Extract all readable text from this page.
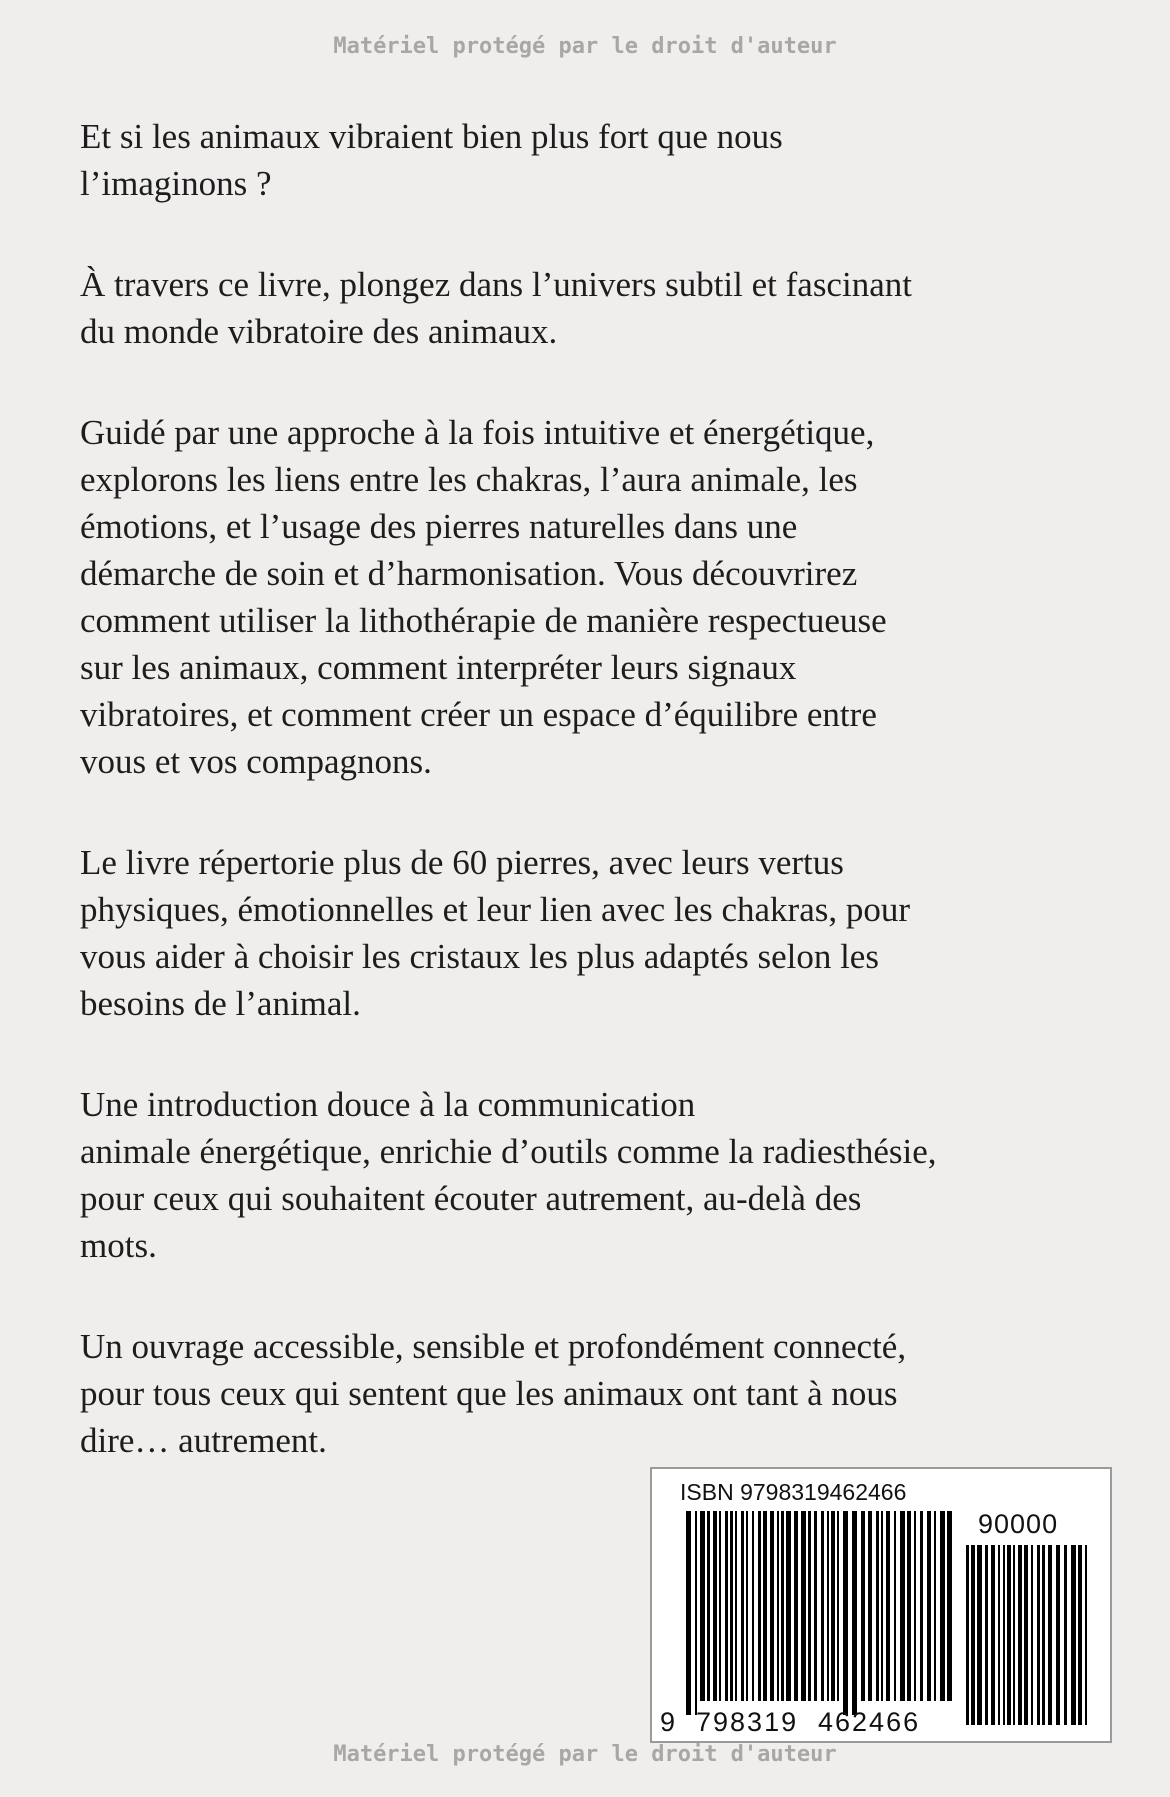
Matériel protégé par le droit d'auteur

Et si les animaux vibraient bien plus fort que nous
l’imaginons ?

À travers ce livre, plongez dans l’univers subtil et fascinant
du monde vibratoire des animaux.

Guidé par une approche à la fois intuitive et énergétique,
explorons les liens entre les chakras, l’aura animale, les
émotions, et l’usage des pierres naturelles dans une
démarche de soin et d’harmonisation. Vous découvrirez
comment utiliser la lithothérapie de manière respectueuse
sur les animaux, comment interpréter leurs signaux
vibratoires, et comment créer un espace d’équilibre entre
vous et vos compagnons.

Le livre répertorie plus de 60 pierres, avec leurs vertus
physiques, émotionnelles et leur lien avec les chakras, pour
vous aider à choisir les cristaux les plus adaptés selon les
besoins de l’animal.

Une introduction douce à la communication
animale énergétique, enrichie d’outils comme la radiesthésie,
pour ceux qui souhaitent écouter autrement, au-delà des
mots.

Un ouvrage accessible, sensible et profondément connecté,
pour tous ceux qui sentent que les animaux ont tant à nous
dire… autrement.

ISBN 9798319462466
90000
9 798319 462466
Matériel protégé par le droit d'auteur
